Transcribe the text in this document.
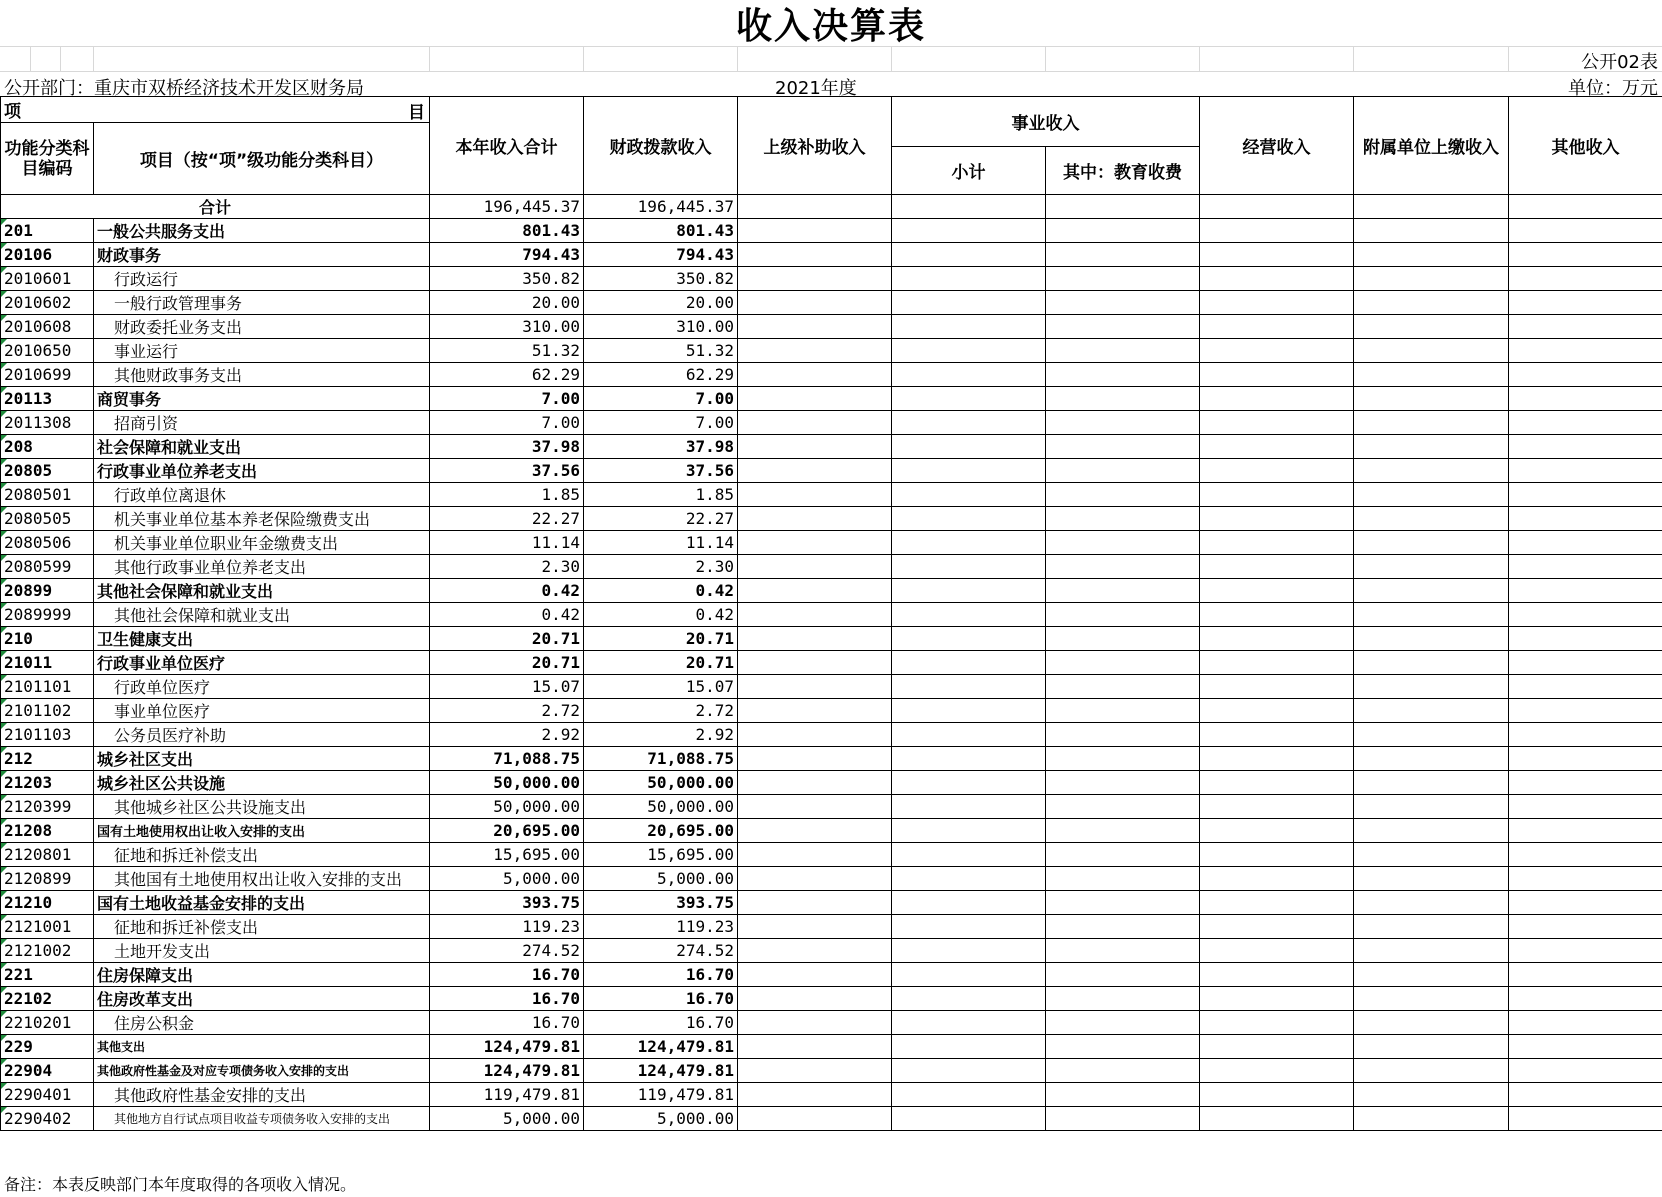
收入决算表
公开02表
公开部门：重庆市双桥经济技术开发区财务局	2021年度	单位：万元
项 目		本年收入合计	财政拨款收入	上级补助收入	事业收入		经营收入	附属单位上缴收入	其他收入
功能分类科目编码	项目（按“项”级功能分类科目）								
					小计	其中：教育收费			
合计		196,445.37	196,445.37						
201	一般公共服务支出	801.43	801.43						
20106	财政事务	794.43	794.43						
2010601	行政运行	350.82	350.82						
2010602	一般行政管理事务	20.00	20.00						
2010608	财政委托业务支出	310.00	310.00						
2010650	事业运行	51.32	51.32						
2010699	其他财政事务支出	62.29	62.29						
20113	商贸事务	7.00	7.00						
2011308	招商引资	7.00	7.00						
208	社会保障和就业支出	37.98	37.98						
20805	行政事业单位养老支出	37.56	37.56						
2080501	行政单位离退休	1.85	1.85						
2080505	机关事业单位基本养老保险缴费支出	22.27	22.27						
2080506	机关事业单位职业年金缴费支出	11.14	11.14						
2080599	其他行政事业单位养老支出	2.30	2.30						
20899	其他社会保障和就业支出	0.42	0.42						
2089999	其他社会保障和就业支出	0.42	0.42						
210	卫生健康支出	20.71	20.71						
21011	行政事业单位医疗	20.71	20.71						
2101101	行政单位医疗	15.07	15.07						
2101102	事业单位医疗	2.72	2.72						
2101103	公务员医疗补助	2.92	2.92						
212	城乡社区支出	71,088.75	71,088.75						
21203	城乡社区公共设施	50,000.00	50,000.00						
2120399	其他城乡社区公共设施支出	50,000.00	50,000.00						
21208	国有土地使用权出让收入安排的支出	20,695.00	20,695.00						
2120801	征地和拆迁补偿支出	15,695.00	15,695.00						
2120899	其他国有土地使用权出让收入安排的支出	5,000.00	5,000.00						
21210	国有土地收益基金安排的支出	393.75	393.75						
2121001	征地和拆迁补偿支出	119.23	119.23						
2121002	土地开发支出	274.52	274.52						
221	住房保障支出	16.70	16.70						
22102	住房改革支出	16.70	16.70						
2210201	住房公积金	16.70	16.70						
229	其他支出	124,479.81	124,479.81						
22904	其他政府性基金及对应专项债务收入安排的支出	124,479.81	124,479.81						
2290401	其他政府性基金安排的支出	119,479.81	119,479.81						
2290402	其他地方自行试点项目收益专项债务收入安排的支出	5,000.00	5,000.00						
备注：本表反映部门本年度取得的各项收入情况。
